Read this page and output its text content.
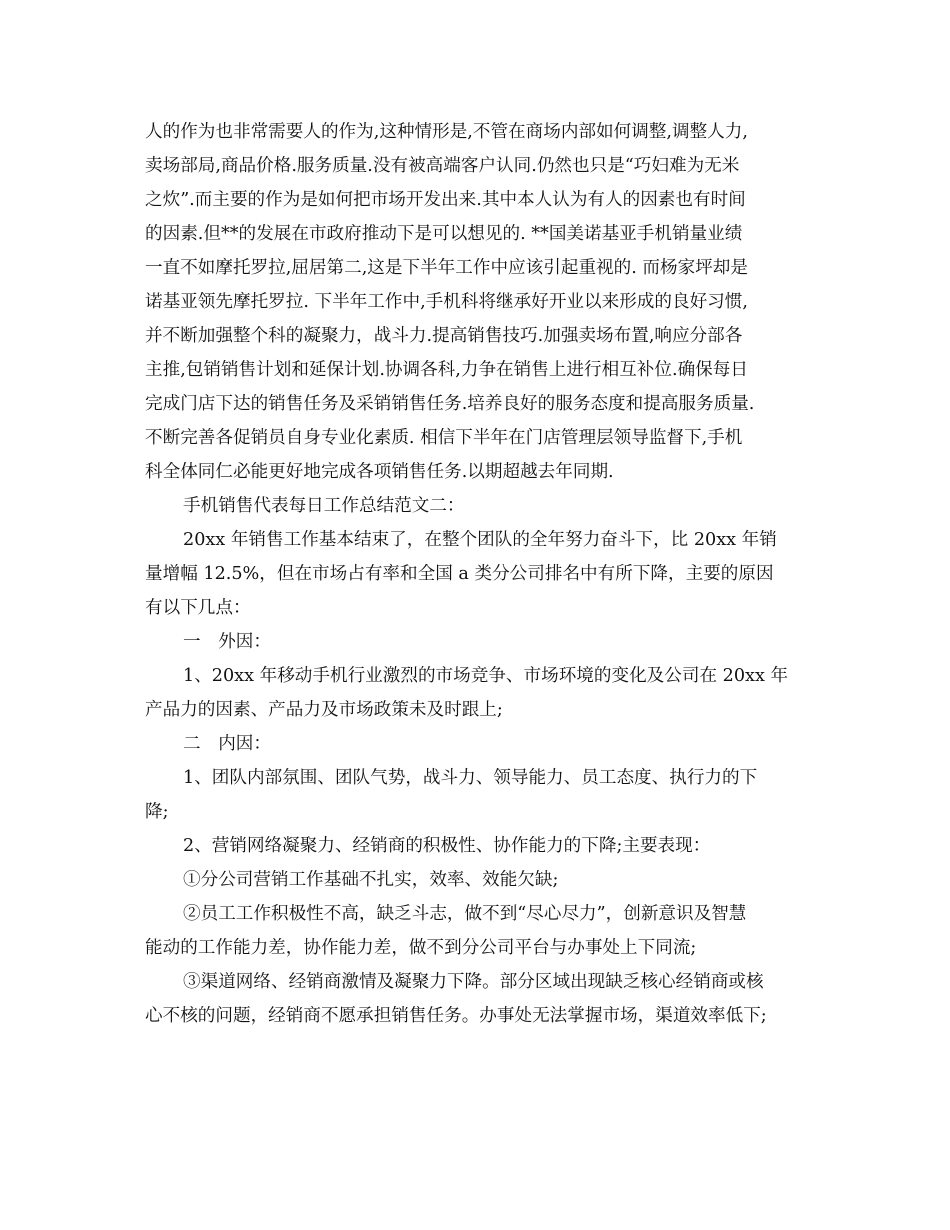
人的作为也非常需要人的作为,这种情形是,不管在商场内部如何调整,调整人力,
卖场部局,商品价格.服务质量.没有被高端客户认同.仍然也只是“巧妇难为无米
之炊”.而主要的作为是如何把市场开发出来.其中本人认为有人的因素也有时间
的因素.但**的发展在市政府推动下是可以想见的. **国美诺基亚手机销量业绩
一直不如摩托罗拉,屈居第二,这是下半年工作中应该引起重视的. 而杨家坪却是
诺基亚领先摩托罗拉. 下半年工作中,手机科将继承好开业以来形成的良好习惯,
并不断加强整个科的凝聚力，战斗力.提高销售技巧.加强卖场布置,响应分部各
主推,包销销售计划和延保计划.协调各科,力争在销售上进行相互补位.确保每日
完成门店下达的销售任务及采销销售任务.培养良好的服务态度和提高服务质量.
不断完善各促销员自身专业化素质. 相信下半年在门店管理层领导监督下,手机
科全体同仁必能更好地完成各项销售任务.以期超越去年同期.
手机销售代表每日工作总结范文二：
20xx 年销售工作基本结束了，在整个团队的全年努力奋斗下，比 20xx 年销
量增幅 12.5%，但在市场占有率和全国 a 类分公司排名中有所下降，主要的原因
有以下几点：
一　外因：
1、20xx 年移动手机行业激烈的市场竞争、市场环境的变化及公司在 20xx 年
产品力的因素、产品力及市场政策未及时跟上;
二　内因：
1、团队内部氛围、团队气势，战斗力、领导能力、员工态度、执行力的下
降;
2、营销网络凝聚力、经销商的积极性、协作能力的下降;主要表现：
①分公司营销工作基础不扎实，效率、效能欠缺;
②员工工作积极性不高，缺乏斗志，做不到“尽心尽力”，创新意识及智慧
能动的工作能力差，协作能力差，做不到分公司平台与办事处上下同流;
③渠道网络、经销商激情及凝聚力下降。部分区域出现缺乏核心经销商或核
心不核的问题，经销商不愿承担销售任务。办事处无法掌握市场，渠道效率低下;
